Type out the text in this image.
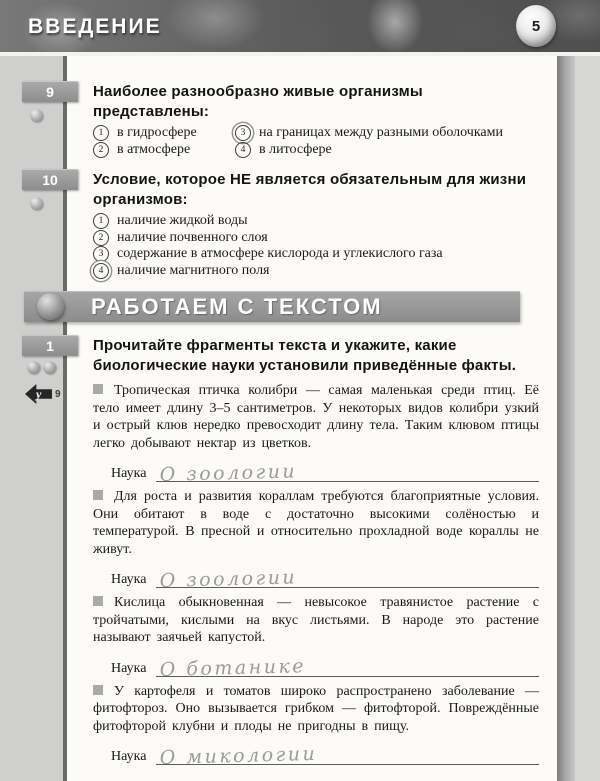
ВВЕДЕНИЕ	5
9	Наиболее разнообразно живые организмы представлены:

1 в гидросфере	3 на границах между разными оболочками
2 в атмосфере	4 в литосфере
10 Условие, которое НЕ является обязательным для жизни организмов:

1 наличие жидкой воды
2 наличие почвенного слоя
3 содержание в атмосфере кислорода и углекислого газа
4 наличие магнитного поля
РАБОТАЕМ С ТЕКСТОМ
1
у 9

Прочитайте фрагменты текста и укажите, какие биологические науки установили приведённые факты.

Тропическая птичка колибри — самая маленькая среди птиц. Её тело имеет длину 3–5 сантиметров. У некоторых видов колибри узкий и острый клюв нередко превосходит длину тела. Таким клювом птицы легко добывают нектар из цветков.

Наука О зоологии

Для роста и развития кораллам требуются благоприятные условия. Они обитают в воде с достаточно высокими солёностью и температурой. В пресной и относительно прохладной воде кораллы не живут.

Наука О зоологии

Кислица обыкновенная — невысокое травянистое растение с тройчатыми, кислыми на вкус листьями. В народе это растение называют заячьей капустой.

Наука О ботанике

У картофеля и томатов широко распространено заболевание — фитофтороз. Оно вызывается грибком — фитофторой. Повреждённые фитофторой клубни и плоды не пригодны в пищу.

Наука О микологии
